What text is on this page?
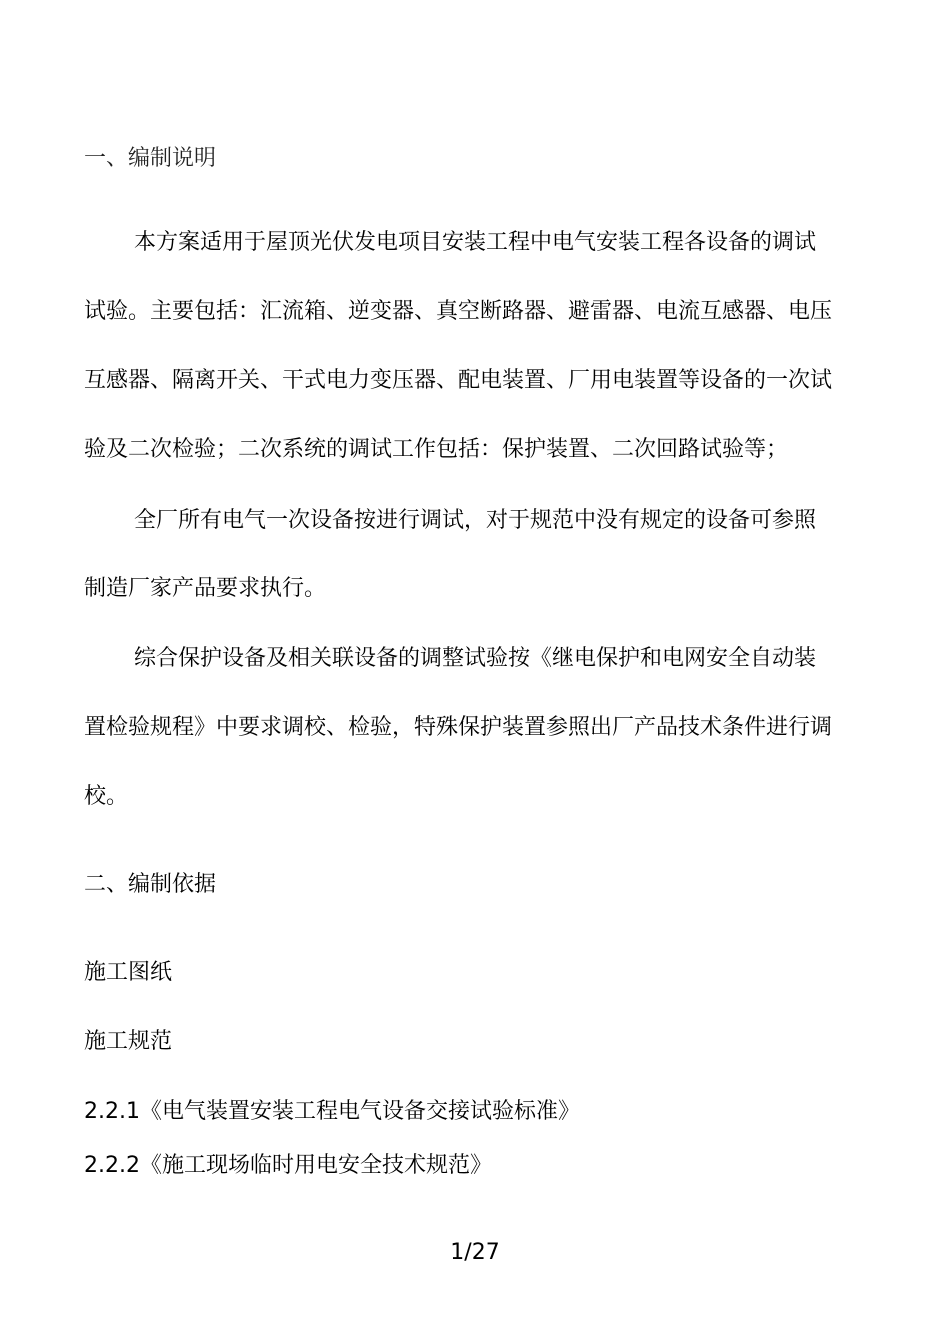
一、编制说明
本方案适用于屋顶光伏发电项目安装工程中电气安装工程各设备的调试
试验。主要包括：汇流箱、逆变器、真空断路器、避雷器、电流互感器、电压
互感器、隔离开关、干式电力变压器、配电装置、厂用电装置等设备的一次试
验及二次检验；二次系统的调试工作包括：保护装置、二次回路试验等；
全厂所有电气一次设备按进行调试，对于规范中没有规定的设备可参照
制造厂家产品要求执行。
综合保护设备及相关联设备的调整试验按《继电保护和电网安全自动装
置检验规程》中要求调校、检验，特殊保护装置参照出厂产品技术条件进行调
校。
二、编制依据
施工图纸
施工规范
2.2.1《电气装置安装工程电气设备交接试验标准》
2.2.2《施工现场临时用电安全技术规范》
1/27
